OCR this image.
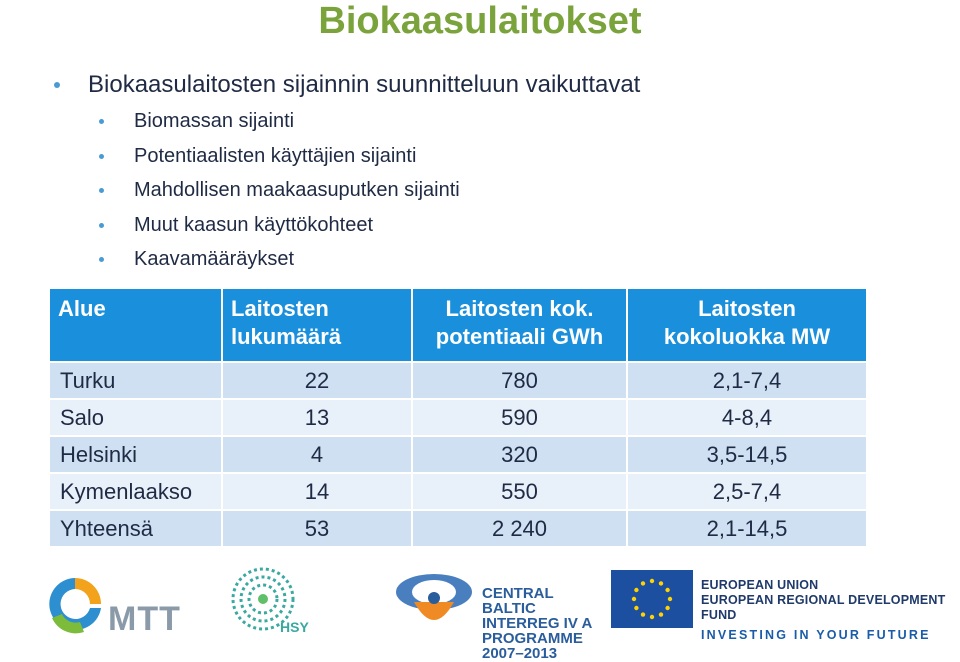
Biokaasulaitokset
Biokaasulaitosten sijainnin suunnitteluun vaikuttavat
Biomassan sijainti
Potentiaalisten käyttäjien sijainti
Mahdollisen maakaasuputken sijainti
Muut kaasun käyttökohteet
Kaavamääräykset
Alue	Laitosten lukumäärä	Laitosten kok. potentiaali GWh	Laitosten kokoluokka MW
Turku	22	780	2,1-7,4
Salo	13	590	4-8,4
Helsinki	4	320	3,5-14,5
Kymenlaakso	14	550	2,5-7,4
Yhteensä	53	2 240	2,1-14,5
MTT	HSY
CENTRAL BALTIC
INTERREG IV A
PROGRAMME
2007–2013
EUROPEAN UNION
EUROPEAN REGIONAL DEVELOPMENT FUND
INVESTING IN YOUR FUTURE
